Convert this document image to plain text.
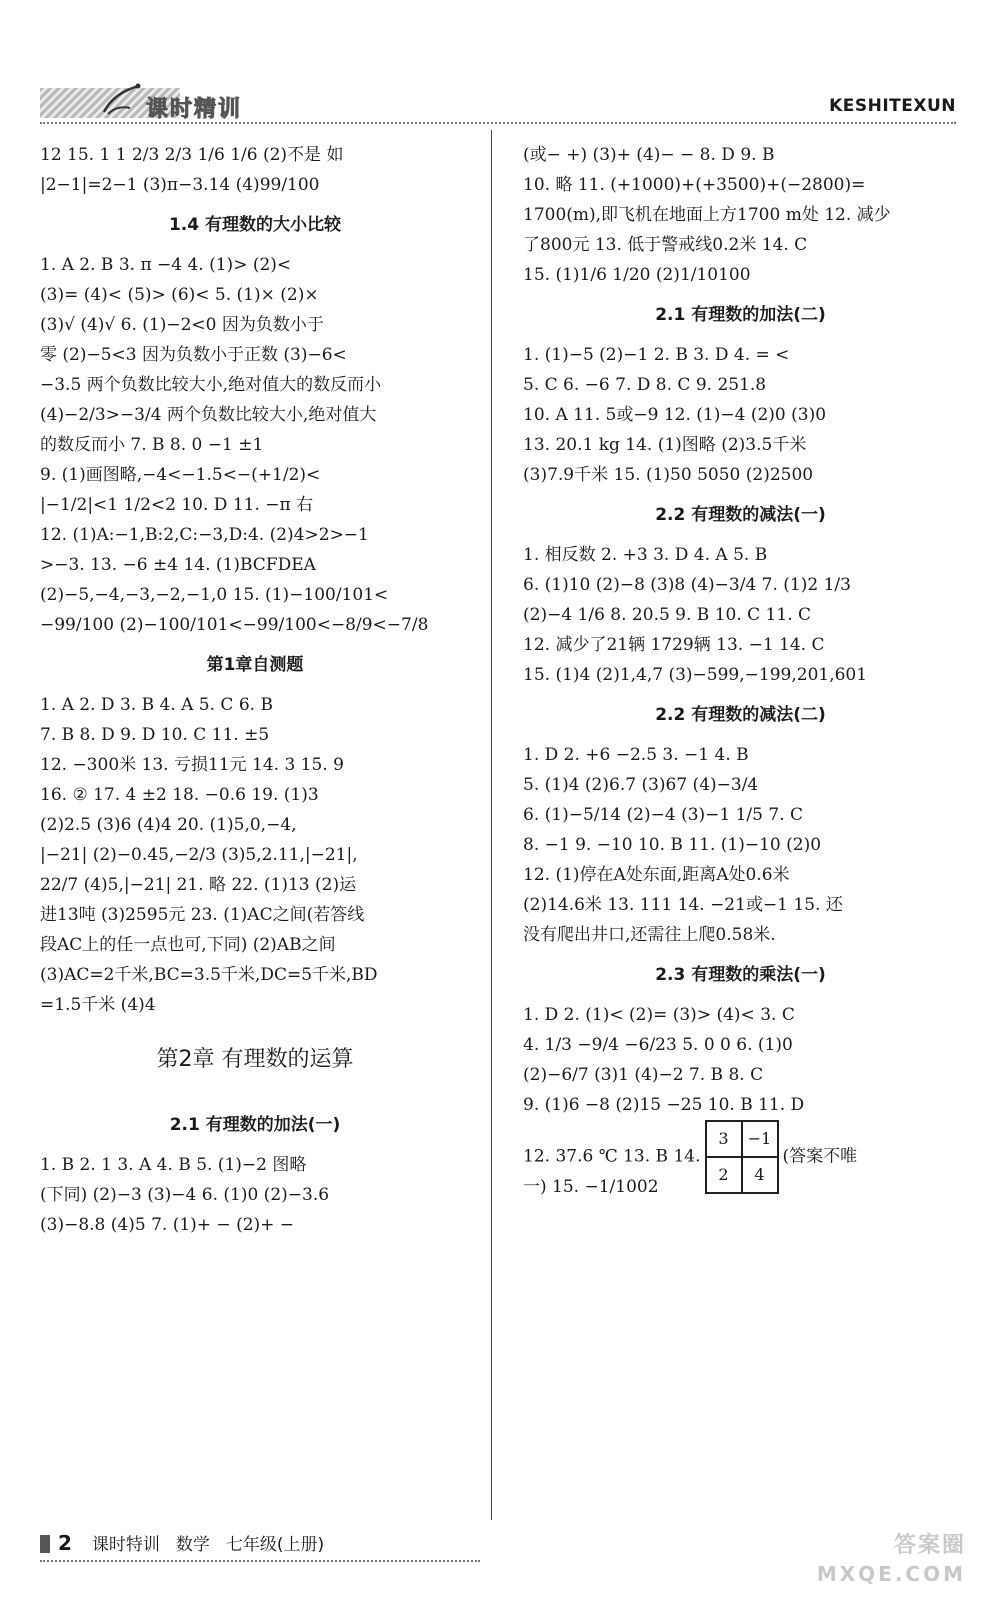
课时精训	KESHITEXUN
12 15. 1 1 2/3 2/3 1/6 1/6 (2)不是 如
|2−1|=2−1 (3)π−3.14 (4)99/100
1.4 有理数的大小比较
1. A 2. B 3. π −4 4. (1)> (2)<
(3)= (4)< (5)> (6)< 5. (1)× (2)×
(3)√ (4)√ 6. (1)−2<0 因为负数小于
零 (2)−5<3 因为负数小于正数 (3)−6<
−3.5 两个负数比较大小,绝对值大的数反而小
(4)−2/3>−3/4 两个负数比较大小,绝对值大
的数反而小 7. B 8. 0 −1 ±1
9. (1)画图略,−4<−1.5<−(+1/2)<
|−1/2|<1 1/2<2 10. D 11. −π 右
12. (1)A:−1,B:2,C:−3,D:4. (2)4>2>−1
>−3. 13. −6 ±4 14. (1)BCFDEA
(2)−5,−4,−3,−2,−1,0 15. (1)−100/101<
−99/100 (2)−100/101<−99/100<−8/9<−7/8
第1章自测题
1. A 2. D 3. B 4. A 5. C 6. B
7. B 8. D 9. D 10. C 11. ±5
12. −300米 13. 亏损11元 14. 3 15. 9
16. ② 17. 4 ±2 18. −0.6 19. (1)3
(2)2.5 (3)6 (4)4 20. (1)5,0,−4,
|−21| (2)−0.45,−2/3 (3)5,2.11,|−21|,
22/7 (4)5,|−21| 21. 略 22. (1)13 (2)运
进13吨 (3)2595元 23. (1)AC之间(若答线
段AC上的任一点也可,下同) (2)AB之间
(3)AC=2千米,BC=3.5千米,DC=5千米,BD
=1.5千米 (4)4
第2章 有理数的运算
2.1 有理数的加法(一)
1. B 2. 1 3. A 4. B 5. (1)−2 图略
(下同) (2)−3 (3)−4 6. (1)0 (2)−3.6
(3)−8.8 (4)5 7. (1)+ − (2)+ −
(或− +) (3)+ (4)− − 8. D 9. B
10. 略 11. (+1000)+(+3500)+(−2800)=
1700(m),即飞机在地面上方1700 m处 12. 减少
了800元 13. 低于警戒线0.2米 14. C
15. (1)1/6 1/20 (2)1/10100
2.1 有理数的加法(二)
1. (1)−5 (2)−1 2. B 3. D 4. = <
5. C 6. −6 7. D 8. C 9. 251.8
10. A 11. 5或−9 12. (1)−4 (2)0 (3)0
13. 20.1 kg 14. (1)图略 (2)3.5千米
(3)7.9千米 15. (1)50 5050 (2)2500
2.2 有理数的减法(一)
1. 相反数 2. +3 3. D 4. A 5. B
6. (1)10 (2)−8 (3)8 (4)−3/4 7. (1)2 1/3
(2)−4 1/6 8. 20.5 9. B 10. C 11. C
12. 减少了21辆 1729辆 13. −1 14. C
15. (1)4 (2)1,4,7 (3)−599,−199,201,601
2.2 有理数的减法(二)
1. D 2. +6 −2.5 3. −1 4. B
5. (1)4 (2)6.7 (3)67 (4)−3/4
6. (1)−5/14 (2)−4 (3)−1 1/5 7. C
8. −1 9. −10 10. B 11. (1)−10 (2)0
12. (1)停在A处东面,距离A处0.6米
(2)14.6米 13. 111 14. −21或−1 15. 还
没有爬出井口,还需往上爬0.58米.
2.3 有理数的乘法(一)
1. D 2. (1)< (2)= (3)> (4)< 3. C
4. 1/3 −9/4 −6/23 5. 0 0 6. (1)0
(2)−6/7 (3)1 (4)−2 7. B 8. C
9. (1)6 −8 (2)15 −25 10. B 11. D
12. 37.6 ℃ 13. B 14.
3	−1
2	4
(答案不唯
一) 15. −1/1002
2 课时特训 数学 七年级(上册)	答案圈
MXQE.COM
